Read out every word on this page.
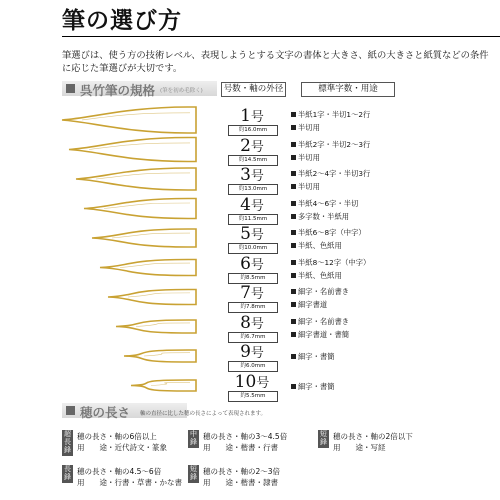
筆の選び方
筆選びは、使う方の技術レベル、表現しようとする文字の書体と大きさ、紙の大きさと紙質などの条件に応じた筆選びが大切です。
呉竹筆の規格 (筆を初め毛除く)	号数・軸の外径	標準字数・用途
1号
約16.0mm
半紙1字・半切1〜2行
半切用
2号
約14.5mm
半紙2字・半切2〜3行
半切用
3号
約13.0mm
半紙2〜4字・半切3行
半切用
4号
約11.5mm
半紙4〜6字・半切
多字数・半紙用
5号
約10.0mm
半紙6〜8字（中字）
半紙、色紙用
6号
約8.5mm
半紙8〜12字（中字）
半紙、色紙用
7号
約7.8mm
細字・名前書き
細字書道
8号
約6.7mm
細字・名前書き
細字書道・書簡
9号
約6.0mm
細字・書簡
10号
約5.5mm
細字・書簡
穂の長さ 軸の直径に比した穂の長さによって表現されます。
超
長
鋒
穂の長さ・軸の6倍以上
用　　途・近代詩文・篆象
中
鋒
穂の長さ・軸の3〜4.5倍
用　　途・楷書・行書
短
鋒
穂の長さ・軸の2倍以下
用　　途・写経
長
鋒
穂の長さ・軸の4.5〜6倍
用　　途・行書・草書・かな書
短
鋒
穂の長さ・軸の2〜3倍
用　　途・楷書・隷書
